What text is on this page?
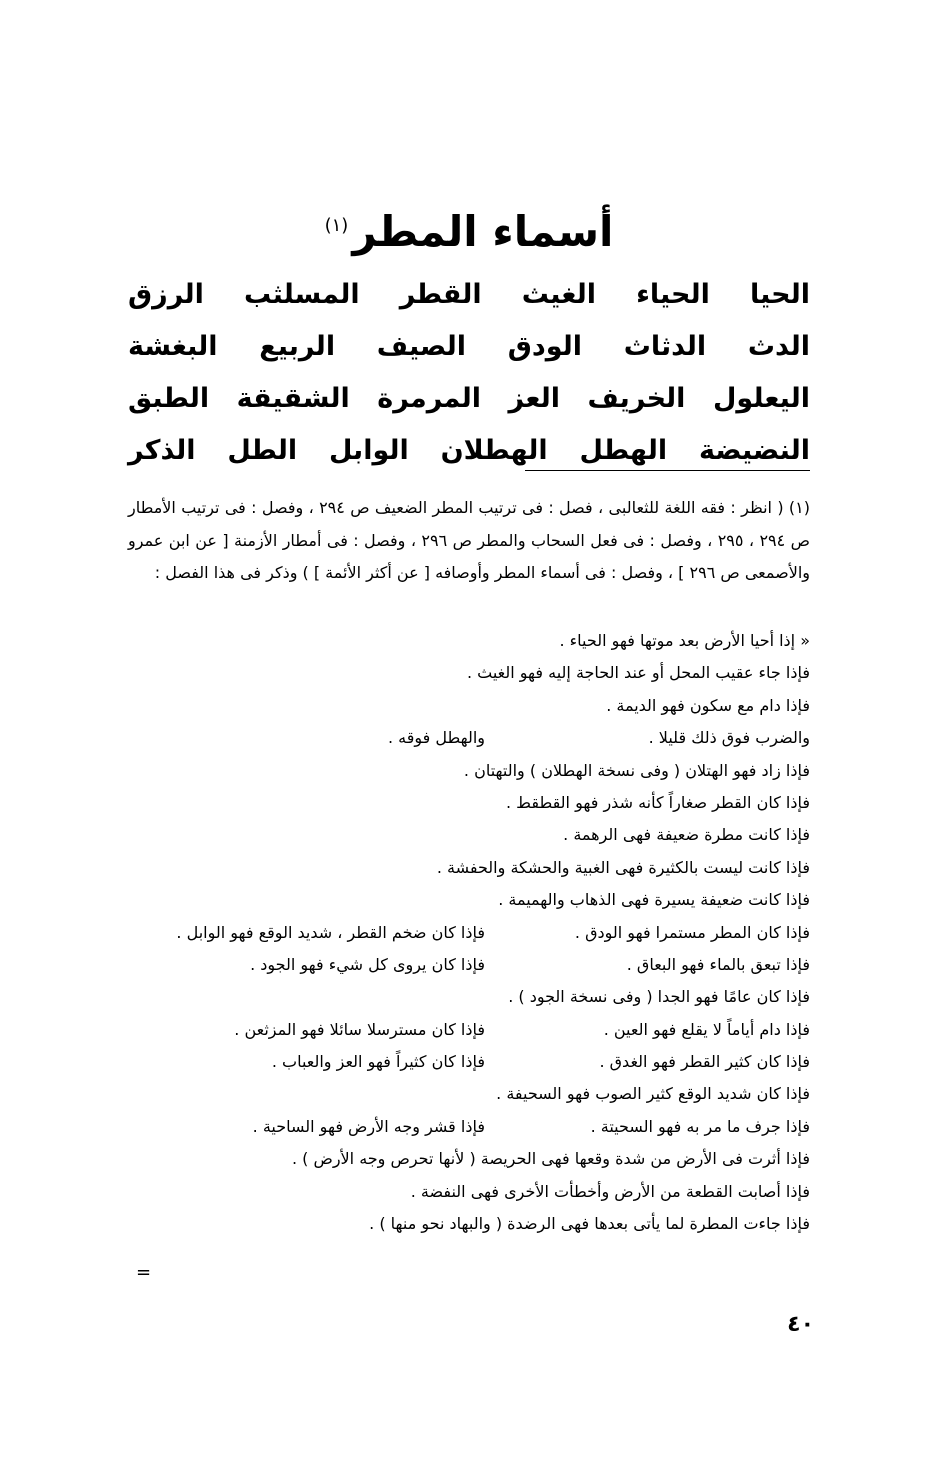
أسماء المطر$^{(١)}$
الحيا
الحياء
الغيث
القطر
المسلثب
الرزق
الدث
الدثاث
الودق
الصيف
الربيع
البغشة
اليعلول
الخريف
العز
المرمرة
الشقيقة
الطبق
النضيضة
الهطل
الهطلان
الوابل
الطل
الذكر

(١) ( انظر : فقه اللغة للثعالبى ، فصل : فى ترتيب المطر الضعيف ص ٢٩٤ ، وفصل : فى ترتيب الأمطار ص ٢٩٤ ، ٢٩٥ ، وفصل : فى فعل السحاب والمطر ص ٢٩٦ ، وفصل : فى أمطار الأزمنة [ عن ابن عمرو والأصمعى ص ٢٩٦ ] ، وفصل : فى أسماء المطر وأوصافه [ عن أكثر الأئمة ] ) وذكر فى هذا الفصل :

« إذا أحيا الأرض بعد موتها فهو الحياء .
فإذا جاء عقيب المحل أو عند الحاجة إليه فهو الغيث .
فإذا دام مع سكون فهو الديمة .
والضرب فوق ذلك قليلا .
والهطل فوقه .
فإذا زاد فهو الهتلان ( وفى نسخة الهطلان ) والتهتان .
فإذا كان القطر صغاراً كأنه شذر فهو القطقط .
فإذا كانت مطرة ضعيفة فهى الرهمة .
فإذا كانت ليست بالكثيرة فهى الغبية والحشكة والحفشة .
فإذا كانت ضعيفة يسيرة فهى الذهاب والهميمة .
فإذا كان المطر مستمرا فهو الودق .
فإذا كان ضخم القطر ، شديد الوقع فهو الوابل .
فإذا تبعق بالماء فهو البعاق .
فإذا كان يروى كل شيء فهو الجود .
فإذا كان عامًا فهو الجدا ( وفى نسخة الجود ) .
فإذا دام أياماً لا يقلع فهو العين .
فإذا كان مسترسلا سائلا فهو المزثعن .
فإذا كان كثير القطر فهو الغدق .
فإذا كان كثيراً فهو العز والعباب .
فإذا كان شديد الوقع كثير الصوب فهو السحيفة .
فإذا جرف ما مر به فهو السحيتة .
فإذا قشر وجه الأرض فهو الساحية .
فإذا أثرت فى الأرض من شدة وقعها فهى الحريصة ( لأنها تحرص وجه الأرض ) .
فإذا أصابت القطعة من الأرض وأخطأت الأخرى فهى النفضة .
فإذا جاءت المطرة لما يأتى بعدها فهى الرضدة ( والبهاد نحو منها ) .
=
٤٠
